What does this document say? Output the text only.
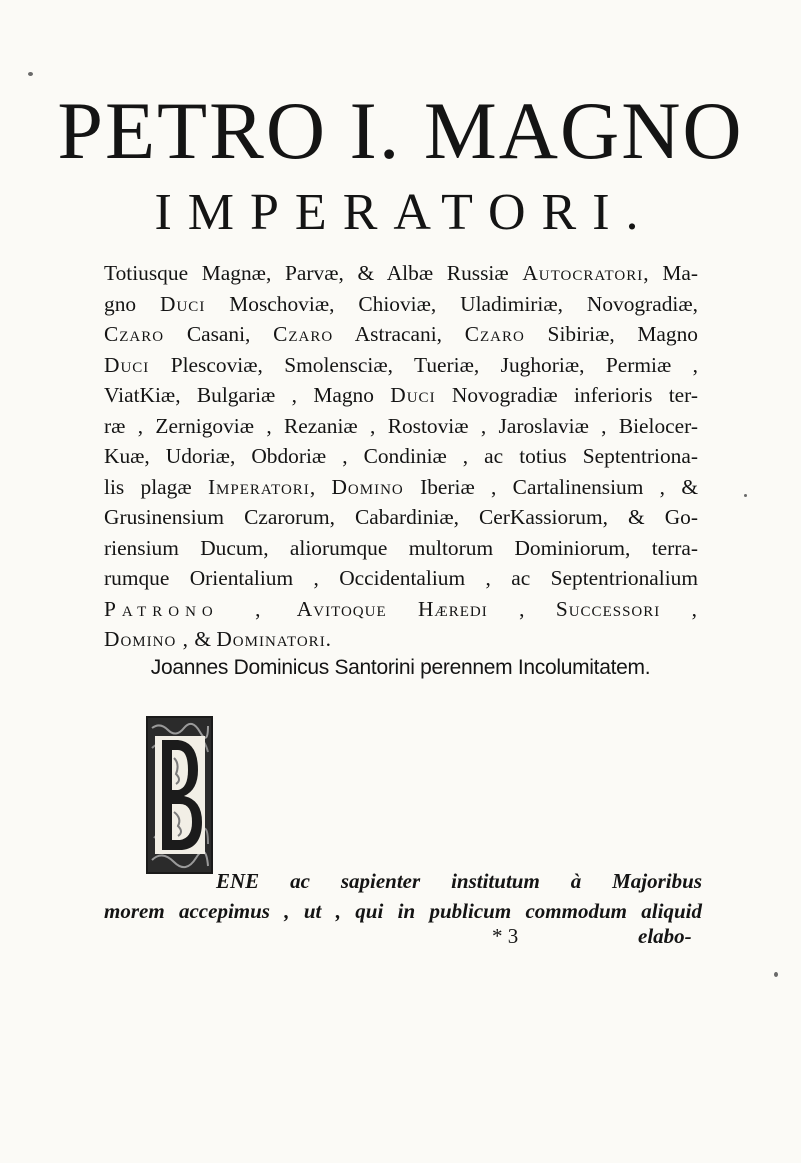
PETRO I. MAGNO
IMPERATORI.
Totiusque Magnæ, Parvæ, & Albæ Russiæ Autocratori, Ma-
gno Duci Moschoviæ, Chioviæ, Uladimiriæ, Novogradiæ,
Czaro Casani, Czaro Astracani, Czaro Sibiriæ, Magno
Duci Plescoviæ, Smolensciæ, Tueriæ, Jughoriæ, Permiæ ,
ViatKiæ, Bulgariæ , Magno Duci Novogradiæ inferioris ter-
ræ , Zernigoviæ , Rezaniæ , Rostoviæ , Jaroslaviæ , Bielocer-
Kuæ, Udoriæ, Obdoriæ , Condiniæ , ac totius Septentriona-
lis plagæ Imperatori, Domino Iberiæ , Cartalinensium , &
Grusinensium Czarorum, Cabardiniæ, CerKassiorum, & Go-
riensium Ducum, aliorumque multorum Dominiorum, terra-
rumque Orientalium , Occidentalium , ac Septentrionalium
Patrono , Avitoque Hæredi , Successori ,
Domino , & Dominatori.
Joannes Dominicus Santorini perennem Incolumitatem.
ENE ac sapienter institutum à Majoribus
morem accepimus , ut , qui in publicum commodum aliquid
* 3	elabo-
